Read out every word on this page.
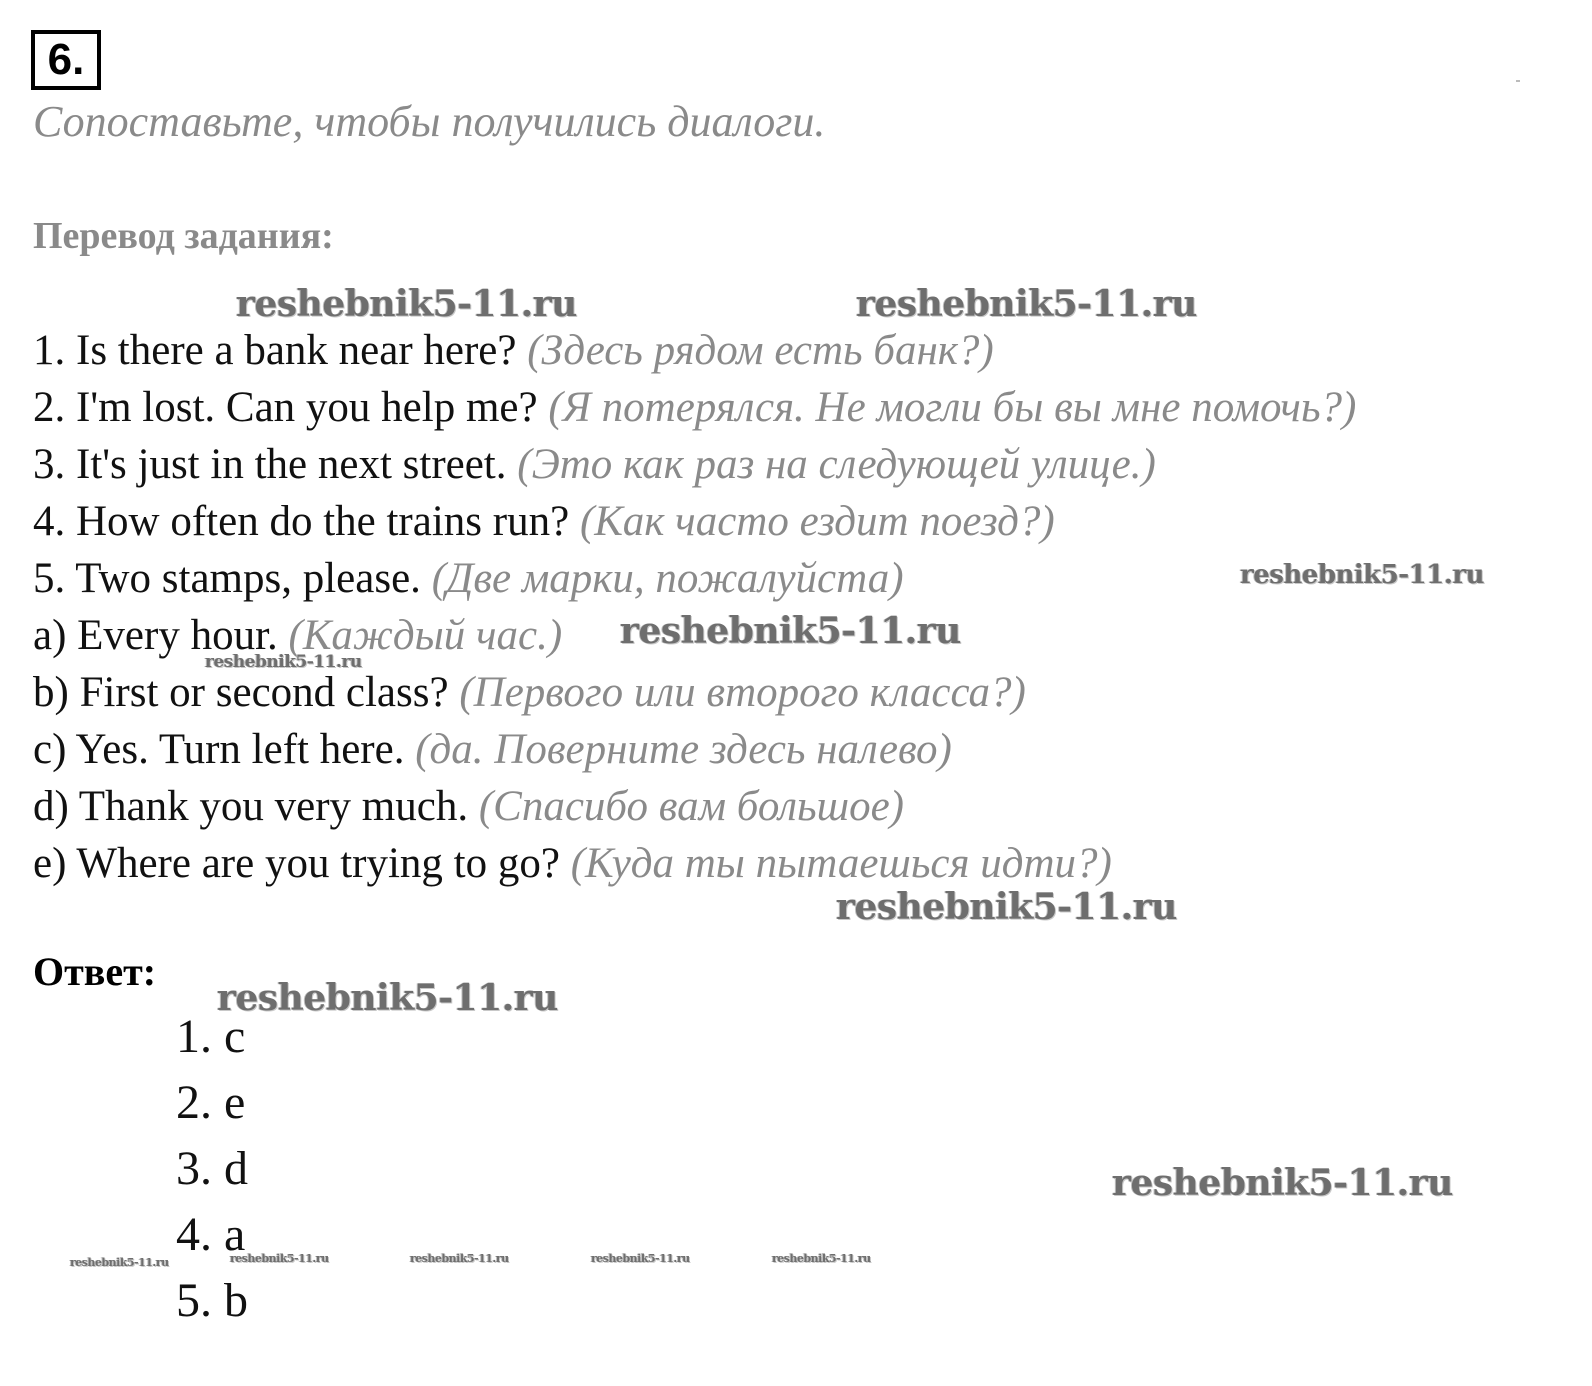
6.
Сопоставьте, чтобы получились диалоги.
Перевод задания:
1. Is there a bank near here? (Здесь рядом есть банк?)
2. I'm lost. Can you help me? (Я потерялся. Не могли бы вы мне помочь?)
3. It's just in the next street. (Это как раз на следующей улице.)
4. How often do the trains run? (Как часто ездит поезд?)
5. Two stamps, please. (Две марки, пожалуйста)
a) Every hour. (Каждый час.)
b) First or second class? (Первого или второго класса?)
c) Yes. Turn left here. (да. Поверните здесь налево)
d) Thank you very much. (Спасибо вам большое)
e) Where are you trying to go? (Куда ты пытаешься идти?)
Ответ:
1. c
2. e
3. d
4. a
5. b
reshebnik5-11.ru	reshebnik5-11.ru
reshebnik5-11.ru
reshebnik5-11.ru
reshebnik5-11.ru
reshebnik5-11.ru
reshebnik5-11.ru
reshebnik5-11.ru
reshebnik5-11.ru	reshebnik5-11.ru	reshebnik5-11.ru	reshebnik5-11.ru	reshebnik5-11.ru
